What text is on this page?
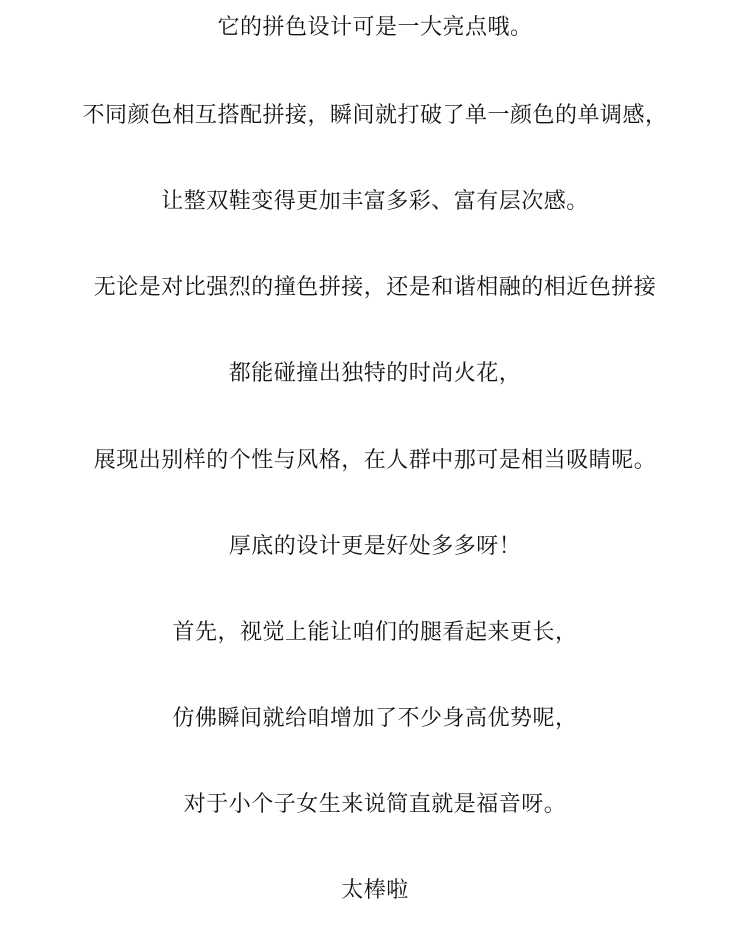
它的拼色设计可是一大亮点哦。
不同颜色相互搭配拼接，瞬间就打破了单一颜色的单调感，
让整双鞋变得更加丰富多彩、富有层次感。
无论是对比强烈的撞色拼接，还是和谐相融的相近色拼接
都能碰撞出独特的时尚火花，
展现出别样的个性与风格，在人群中那可是相当吸睛呢。
厚底的设计更是好处多多呀！
首先，视觉上能让咱们的腿看起来更长，
仿佛瞬间就给咱增加了不少身高优势呢，
对于小个子女生来说简直就是福音呀。
太棒啦
